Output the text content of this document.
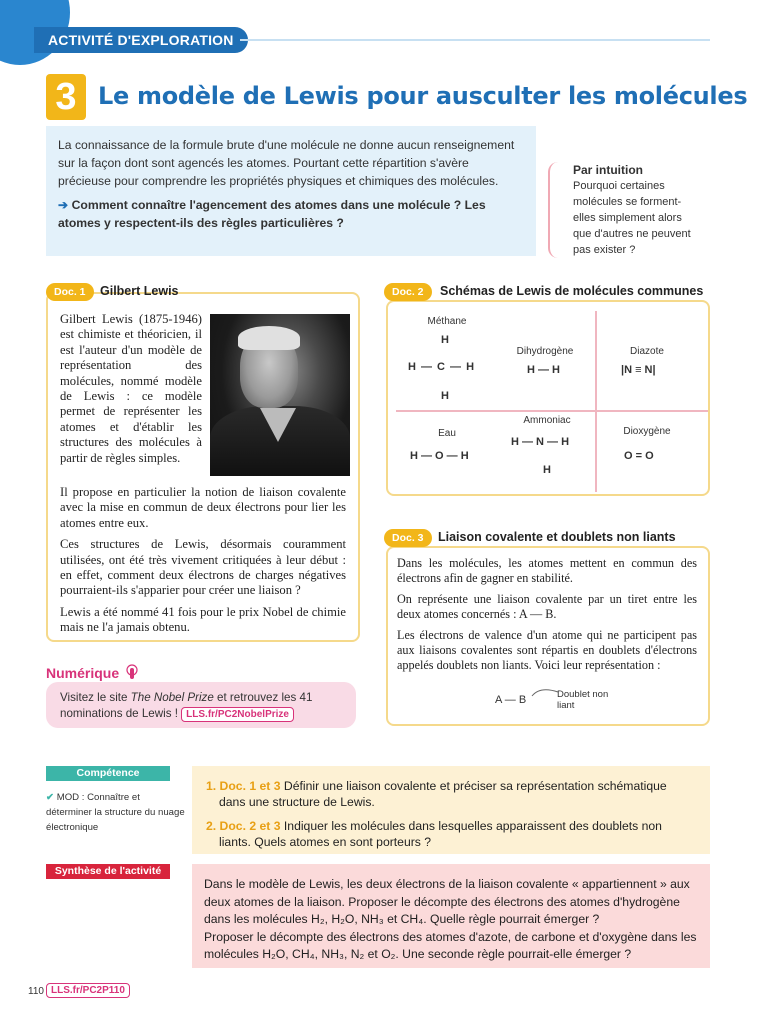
ACTIVITÉ D'EXPLORATION
3 Le modèle de Lewis pour ausculter les molécules

La connaissance de la formule brute d'une molécule ne donne aucun renseignement sur la façon dont sont agencés les atomes. Pourtant cette répartition s'avère précieuse pour comprendre les propriétés physiques et chimiques des molécules.

➔ Comment connaître l'agencement des atomes dans une molécule ? Les atomes y respectent-ils des règles particulières ?

Par intuition
Pourquoi certaines molécules se forment-elles simplement alors que d'autres ne peuvent pas exister ?
Doc. 1	Gilbert Lewis

Gilbert Lewis (1875-1946) est chimiste et théoricien, il est l'auteur d'un modèle de représentation des molécules, nommé modèle de Lewis : ce modèle permet de représenter les atomes et d'établir les structures des molécules à partir de règles simples.

Il propose en particulier la notion de liaison covalente avec la mise en commun de deux électrons pour lier les atomes entre eux.

Ces structures de Lewis, désormais couramment utilisées, ont été très vivement critiquées à leur début : en effet, comment deux électrons de charges négatives pourraient-ils s'apparier pour créer une liaison ?

Lewis a été nommé 41 fois pour le prix Nobel de chimie mais ne l'a jamais obtenu.

Doc. 2	Schémas de Lewis de molécules communes
Méthane
H
H — C — H
H
Dihydrogène
H — H
Diazote
|N ≡ N|
Eau
H — O — H
Ammoniac
H — N — H
H
Dioxygène
O = O
Doc. 3	Liaison covalente et doublets non liants

Dans les molécules, les atomes mettent en commun des électrons afin de gagner en stabilité.

On représente une liaison covalente par un tiret entre les deux atomes concernés : A — B.

Les électrons de valence d'un atome qui ne participent pas aux liaisons covalentes sont répartis en doublets d'électrons appelés doublets non liants. Voici leur représentation :

A — B	Doublet non liant
Numérique
Visitez le site The Nobel Prize et retrouvez les 41 nominations de Lewis ! LLS.fr/PC2NobelPrize
Compétence
✔ MOD : Connaître et déterminer la structure du nuage électronique

1. Doc. 1 et 3 Définir une liaison covalente et préciser sa représentation schématique dans une structure de Lewis.

2. Doc. 2 et 3 Indiquer les molécules dans lesquelles apparaissent des doublets non liants. Quels atomes en sont porteurs ?

Synthèse de l'activité

Dans le modèle de Lewis, les deux électrons de la liaison covalente « appartiennent » aux deux atomes de la liaison. Proposer le décompte des électrons des atomes d'hydrogène dans les molécules H₂, H₂O, NH₃ et CH₄. Quelle règle pourrait émerger ?

Proposer le décompte des électrons des atomes d'azote, de carbone et d'oxygène dans les molécules H₂O, CH₄, NH₃, N₂ et O₂. Une seconde règle pourrait-elle émerger ?

110 LLS.fr/PC2P110
